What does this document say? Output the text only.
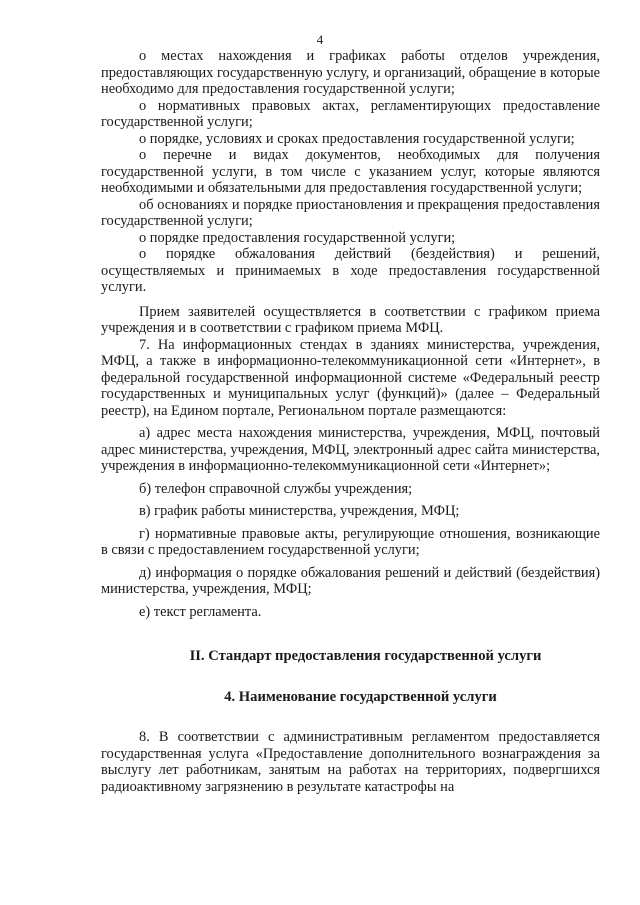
4

о местах нахождения и графиках работы отделов учреждения, предоставляющих государственную услугу, и организаций, обращение в которые необходимо для предоставления государственной услуги;

о нормативных правовых актах, регламентирующих предоставление государственной услуги;

о порядке, условиях и сроках предоставления государственной услуги;

о перечне и видах документов, необходимых для получения государственной услуги, в том числе с указанием услуг, которые являются необходимыми и обязательными для предоставления государственной услуги;

об основаниях и порядке приостановления и прекращения предоставления государственной услуги;

о порядке предоставления государственной услуги;

о порядке обжалования действий (бездействия) и решений, осуществляемых и принимаемых в ходе предоставления государственной услуги.

Прием заявителей осуществляется в соответствии с графиком приема учреждения и в соответствии с графиком приема МФЦ.

7. На информационных стендах в зданиях министерства, учреждения, МФЦ, а также в информационно-телекоммуникационной сети «Интернет», в федеральной государственной информационной системе «Федеральный реестр государственных и муниципальных услуг (функций)» (далее – Федеральный реестр), на Едином портале, Региональном портале размещаются:

а) адрес места нахождения министерства, учреждения, МФЦ, почтовый адрес министерства, учреждения, МФЦ, электронный адрес сайта министерства, учреждения в информационно-телекоммуникационной сети «Интернет»;

б) телефон справочной службы учреждения;

в) график работы министерства, учреждения, МФЦ;

г) нормативные правовые акты, регулирующие отношения, возникающие в связи с предоставлением государственной услуги;

д) информация о порядке обжалования решений и действий (бездействия) министерства, учреждения, МФЦ;

е) текст регламента.

II. Стандарт предоставления государственной услуги

4. Наименование государственной услуги

8. В соответствии с административным регламентом предоставляется государственная услуга «Предоставление дополнительного вознаграждения за выслугу лет работникам, занятым на работах на территориях, подвергшихся радиоактивному загрязнению в результате катастрофы на
